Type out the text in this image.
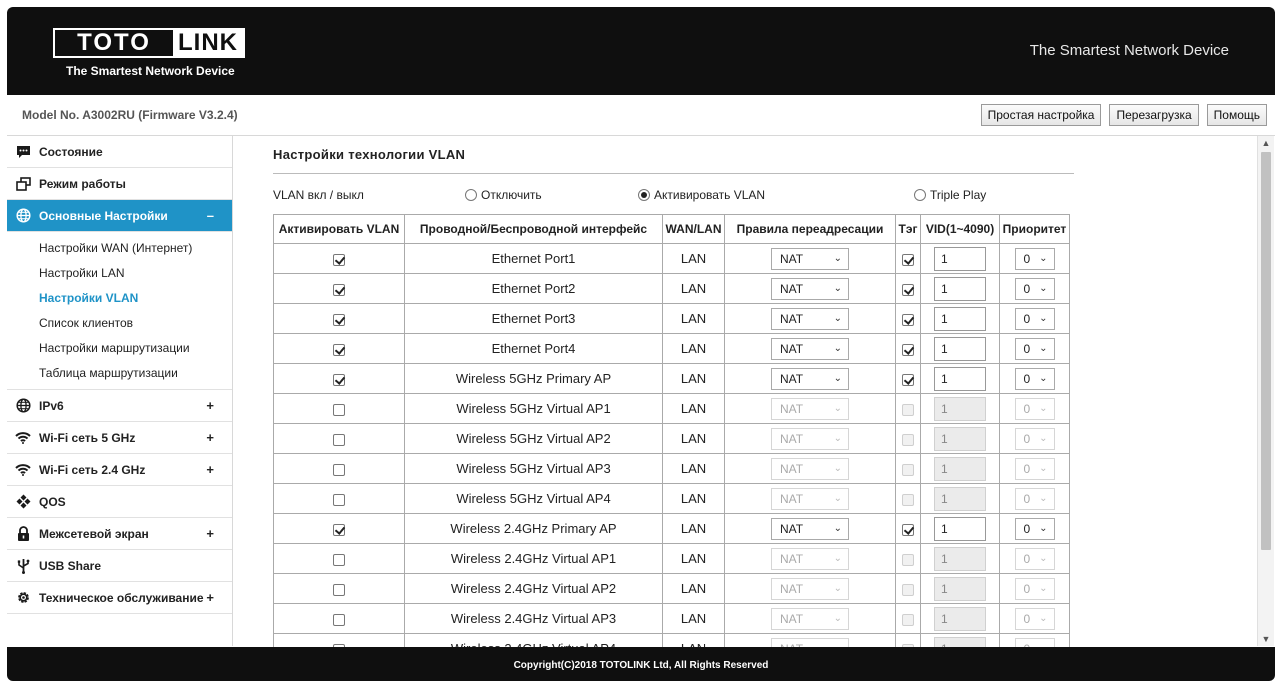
TOTO	LINK
The Smartest Network Device
The Smartest Network Device
Model No. A3002RU (Firmware V3.2.4)	Простая настройка	Перезагрузка	Помощь
Состояние
Режим работы
Основные Настройки	–
Настройки WAN (Интернет)
Настройки LAN
Настройки VLAN
Список клиентов
Настройки маршрутизации
Таблица маршрутизации
IPv6	+
Wi-Fi сеть 5 GHz	+
Wi-Fi сеть 2.4 GHz	+
QOS
Межсетевой экран	+
USB Share
Техническое обслуживание +
Настройки технологии VLAN
VLAN вкл / выкл	Отключить	Активировать VLAN	Triple Play
Активировать VLAN	Проводной/Беспроводной интерфейс	WAN/LAN	Правила переадресации	Тэг	VID(1~4090)	Приоритет
	Ethernet Port1	LAN	NAT ⌄		1	0 ⌄

	Ethernet Port2	LAN	NAT ⌄		1	0 ⌄

	Ethernet Port3	LAN	NAT ⌄		1	0 ⌄

	Ethernet Port4	LAN	NAT ⌄		1	0 ⌄

	Wireless 5GHz Primary AP	LAN	NAT ⌄		1	0 ⌄

	Wireless 5GHz Virtual AP1	LAN	NAT ⌄		1	0 ⌄

	Wireless 5GHz Virtual AP2	LAN	NAT ⌄		1	0 ⌄

	Wireless 5GHz Virtual AP3	LAN	NAT ⌄		1	0 ⌄

	Wireless 5GHz Virtual AP4	LAN	NAT ⌄		1	0 ⌄

	Wireless 2.4GHz Primary AP	LAN	NAT ⌄		1	0 ⌄

	Wireless 2.4GHz Virtual AP1	LAN	NAT ⌄		1	0 ⌄

	Wireless 2.4GHz Virtual AP2	LAN	NAT ⌄		1	0 ⌄

	Wireless 2.4GHz Virtual AP3	LAN	NAT ⌄		1	0 ⌄

▲
▼
Copyright(C)2018 TOTOLINK Ltd, All Rights Reserved
